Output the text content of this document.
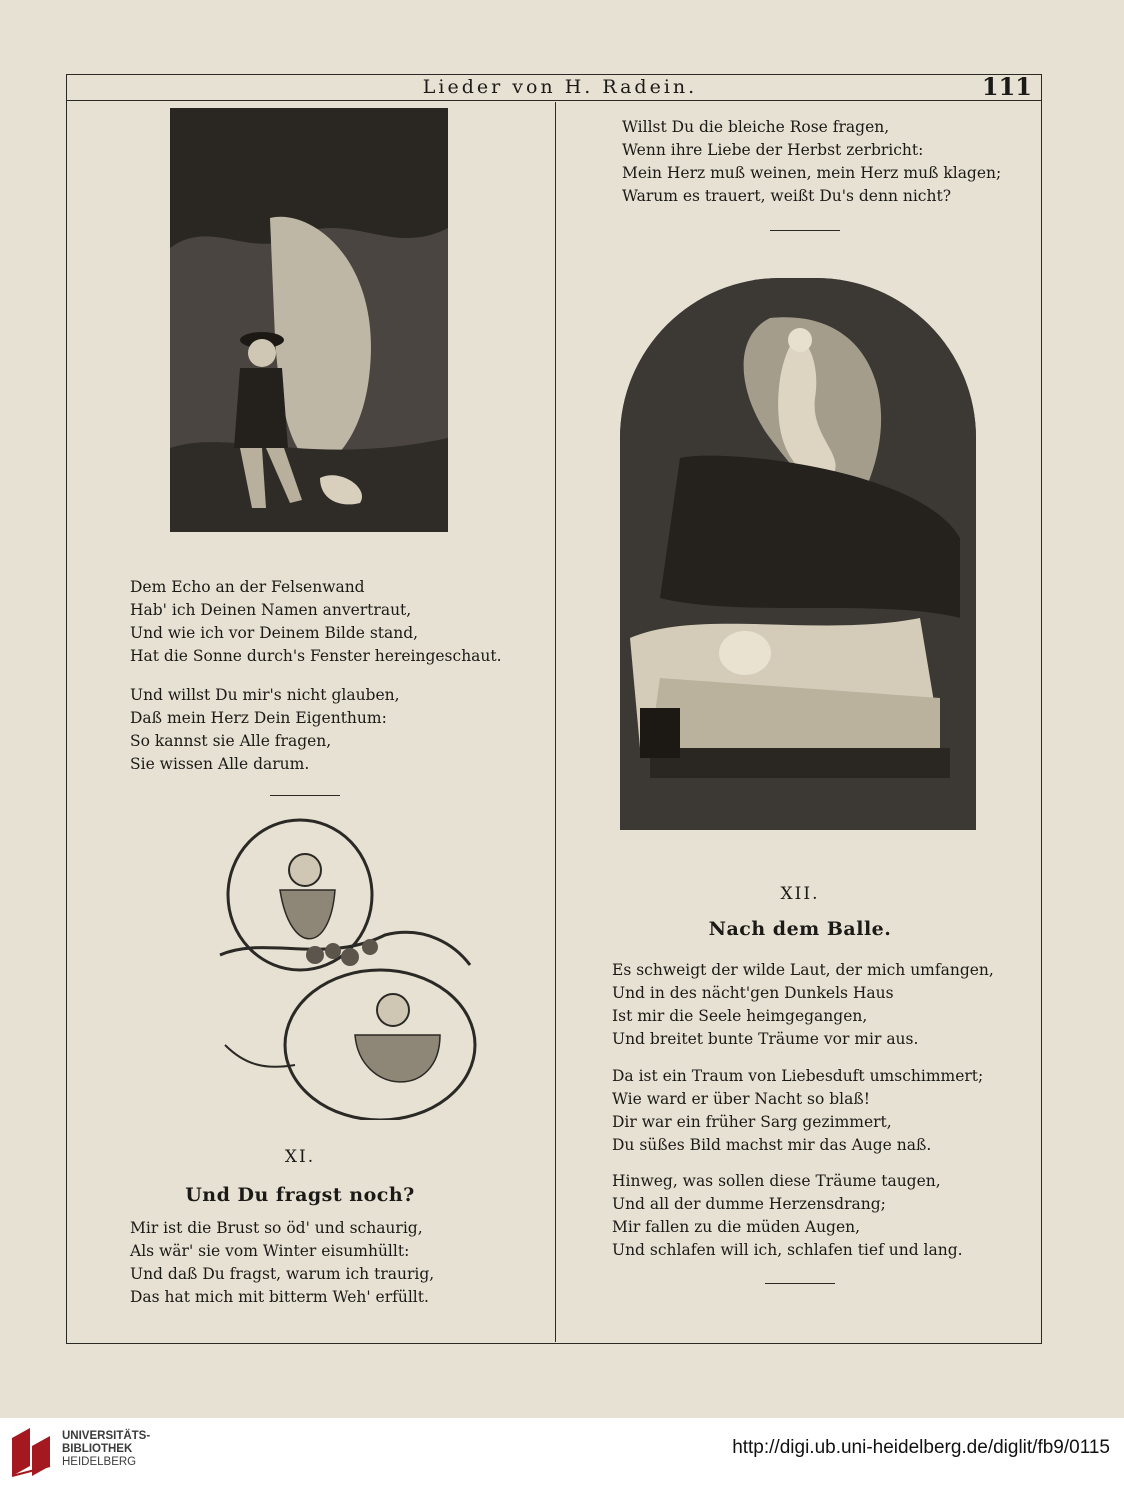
Lieder von H. Radein.	111
Dem Echo an der Felsenwand
Hab' ich Deinen Namen anvertraut,
Und wie ich vor Deinem Bilde stand,
Hat die Sonne durch's Fenster hereingeschaut.
Und willst Du mir's nicht glauben,
Daß mein Herz Dein Eigenthum:
So kannst sie Alle fragen,
Sie wissen Alle darum.
XI.
Und Du fragst noch?
Mir ist die Brust so öd' und schaurig,
Als wär' sie vom Winter eisumhüllt:
Und daß Du fragst, warum ich traurig,
Das hat mich mit bitterm Weh' erfüllt.
Willst Du die bleiche Rose fragen,
Wenn ihre Liebe der Herbst zerbricht:
Mein Herz muß weinen, mein Herz muß klagen;
Warum es trauert, weißt Du's denn nicht?
XII.
Nach dem Balle.
Es schweigt der wilde Laut, der mich umfangen,
Und in des nächt'gen Dunkels Haus
Ist mir die Seele heimgegangen,
Und breitet bunte Träume vor mir aus.
Da ist ein Traum von Liebesduft umschimmert;
Wie ward er über Nacht so blaß!
Dir war ein früher Sarg gezimmert,
Du süßes Bild machst mir das Auge naß.
Hinweg, was sollen diese Träume taugen,
Und all der dumme Herzensdrang;
Mir fallen zu die müden Augen,
Und schlafen will ich, schlafen tief und lang.
UNIVERSITÄTS-
BIBLIOTHEK
HEIDELBERG
http://digi.ub.uni-heidelberg.de/diglit/fb9/0115
